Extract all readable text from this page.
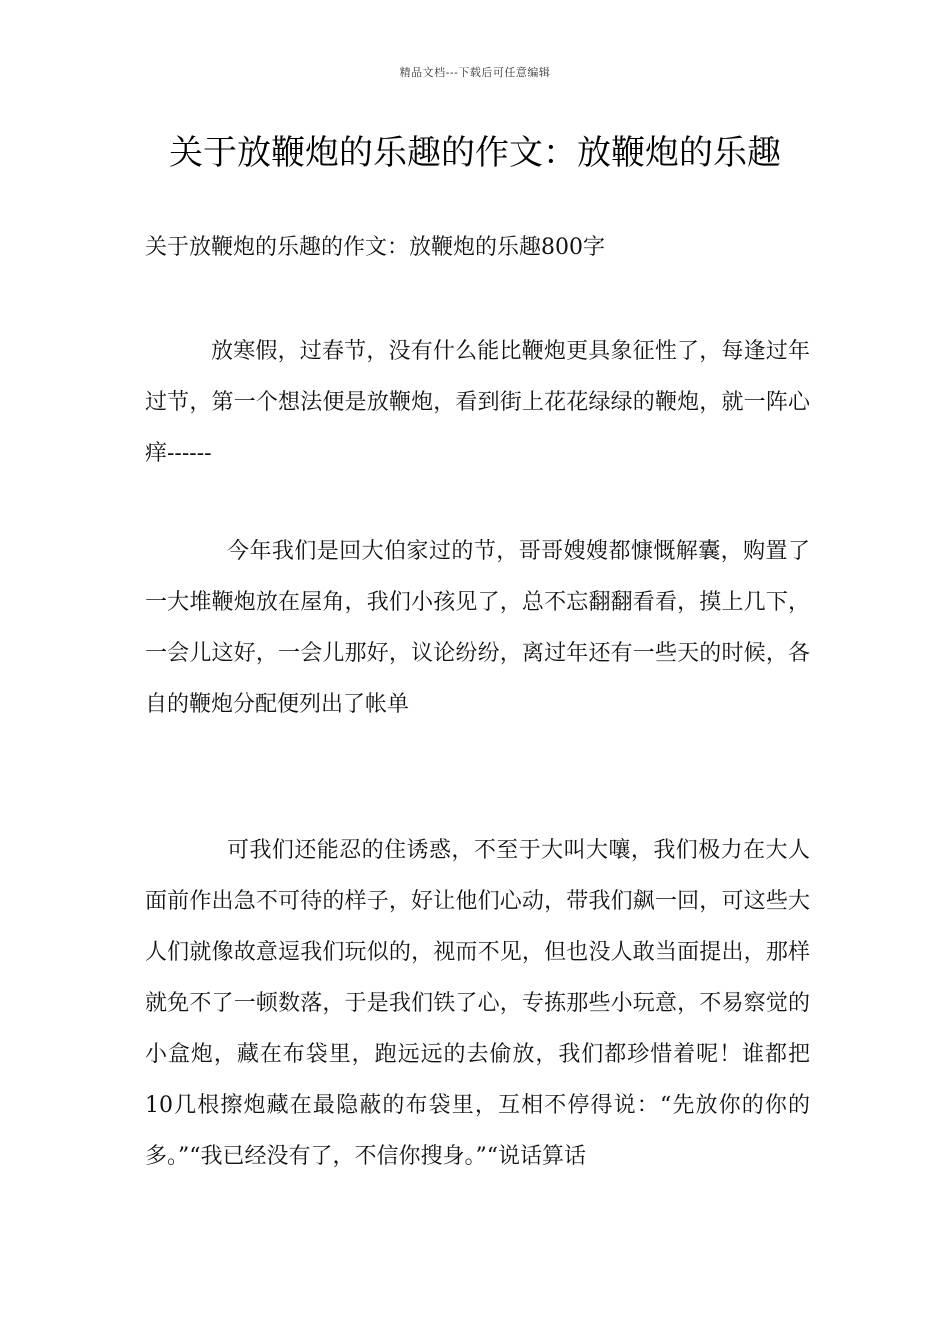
精品文档---下载后可任意编辑
关于放鞭炮的乐趣的作文：放鞭炮的乐趣
关于放鞭炮的乐趣的作文：放鞭炮的乐趣800字

放寒假，过春节，没有什么能比鞭炮更具象征性了，每逢过年过节，第一个想法便是放鞭炮，看到街上花花绿绿的鞭炮，就一阵心痒------

今年我们是回大伯家过的节，哥哥嫂嫂都慷慨解囊，购置了一大堆鞭炮放在屋角，我们小孩见了，总不忘翻翻看看，摸上几下，一会儿这好，一会儿那好，议论纷纷，离过年还有一些天的时候，各自的鞭炮分配便列出了帐单

可我们还能忍的住诱惑，不至于大叫大嚷，我们极力在大人面前作出急不可待的样子，好让他们心动，带我们飙一回，可这些大人们就像故意逗我们玩似的，视而不见，但也没人敢当面提出，那样就免不了一顿数落，于是我们铁了心，专拣那些小玩意，不易察觉的小盒炮，藏在布袋里，跑远远的去偷放，我们都珍惜着呢！谁都把10几根擦炮藏在最隐蔽的布袋里，互相不停得说：“先放你的你的多。”“我已经没有了，不信你搜身。”“说话算话
